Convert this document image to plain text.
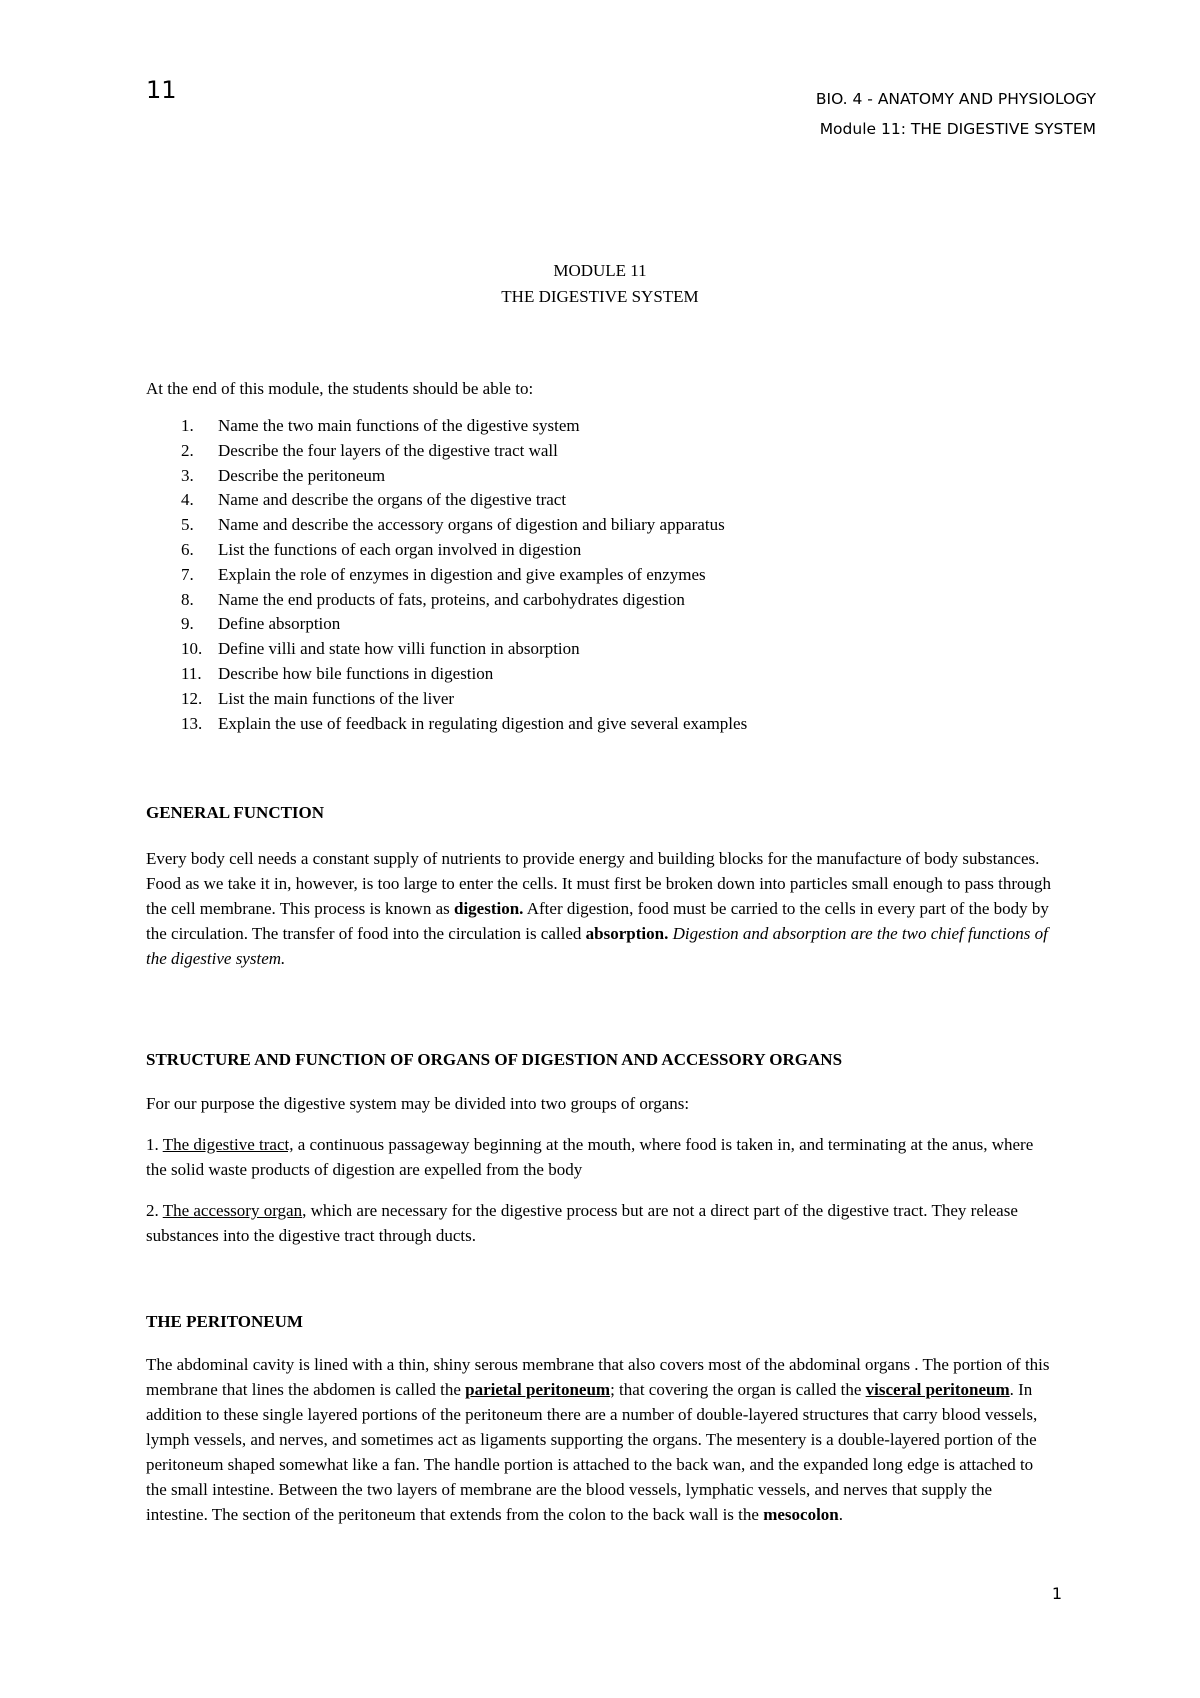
11	BIO. 4 - ANATOMY AND PHYSIOLOGY
Module 11: THE DIGESTIVE SYSTEM
MODULE 11
THE DIGESTIVE SYSTEM
At the end of this module, the students should be able to:
1.	Name the two main functions of the digestive system
2.	Describe the four layers of the digestive tract wall
3.	Describe the peritoneum
4.	Name and describe the organs of the digestive tract
5.	Name and describe the accessory organs of digestion and biliary apparatus
6.	List the functions of each organ involved in digestion
7.	Explain the role of enzymes in digestion and give examples of enzymes
8.	Name the end products of fats, proteins, and carbohydrates digestion
9.	Define absorption
10. Define villi and state how villi function in absorption
11. Describe how bile functions in digestion
12. List the main functions of the liver
13. Explain the use of feedback in regulating digestion and give several examples
GENERAL FUNCTION
Every body cell needs a constant supply of nutrients to provide energy and building blocks for the manufacture of body substances. Food as we take it in, however, is too large to enter the cells. It must first be broken down into particles small enough to pass through the cell membrane. This process is known as digestion. After digestion, food must be carried to the cells in every part of the body by the circulation. The transfer of food into the circulation is called absorption. Digestion and absorption are the two chief functions of the digestive system.
STRUCTURE AND FUNCTION OF ORGANS OF DIGESTION AND ACCESSORY ORGANS
For our purpose the digestive system may be divided into two groups of organs:
1. The digestive tract, a continuous passageway beginning at the mouth, where food is taken in, and terminating at the anus, where the solid waste products of digestion are expelled from the body
2. The accessory organ, which are necessary for the digestive process but are not a direct part of the digestive tract. They release substances into the digestive tract through ducts.
THE PERITONEUM
The abdominal cavity is lined with a thin, shiny serous membrane that also covers most of the abdominal organs . The portion of this membrane that lines the abdomen is called the parietal peritoneum; that covering the organ is called the visceral peritoneum. In addition to these single layered portions of the peritoneum there are a number of double-layered structures that carry blood vessels, lymph vessels, and nerves, and sometimes act as ligaments supporting the organs. The mesentery is a double-layered portion of the peritoneum shaped somewhat like a fan. The handle portion is attached to the back wan, and the expanded long edge is attached to the small intestine. Between the two layers of membrane are the blood vessels, lymphatic vessels, and nerves that supply the intestine. The section of the peritoneum that extends from the colon to the back wall is the mesocolon.
1
